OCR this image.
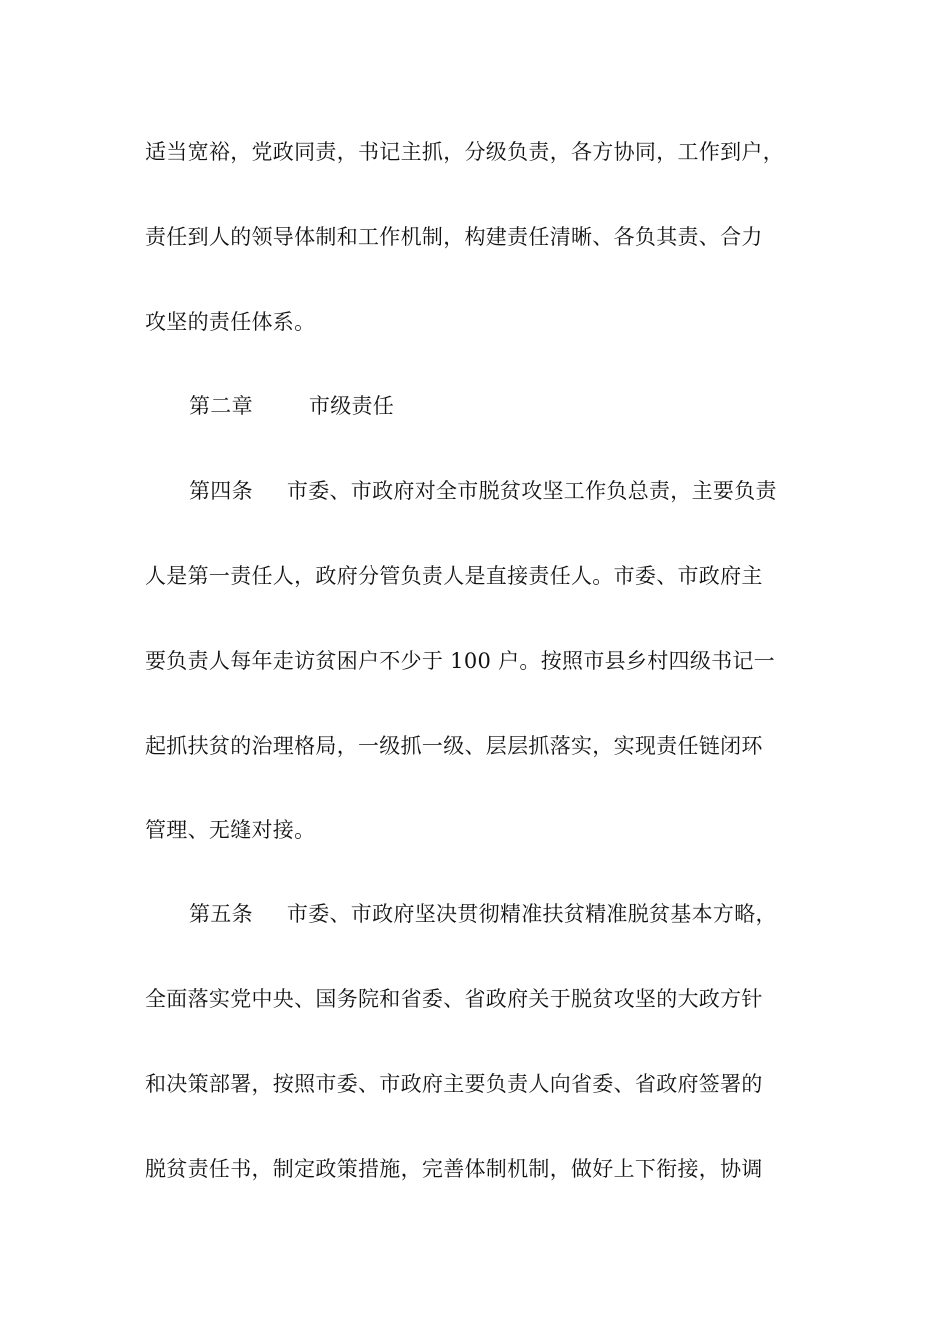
适当宽裕，党政同责，书记主抓，分级负责，各方协同，工作到户，
责任到人的领导体制和工作机制，构建责任清晰、各负其责、合力
攻坚的责任体系。
第二章	市级责任
第四条 市委、市政府对全市脱贫攻坚工作负总责，主要负责
人是第一责任人，政府分管负责人是直接责任人。市委、市政府主
要负责人每年走访贫困户不少于 100 户。按照市县乡村四级书记一
起抓扶贫的治理格局，一级抓一级、层层抓落实，实现责任链闭环
管理、无缝对接。
第五条 市委、市政府坚决贯彻精准扶贫精准脱贫基本方略，
全面落实党中央、国务院和省委、省政府关于脱贫攻坚的大政方针
和决策部署，按照市委、市政府主要负责人向省委、省政府签署的
脱贫责任书，制定政策措施，完善体制机制，做好上下衔接，协调
